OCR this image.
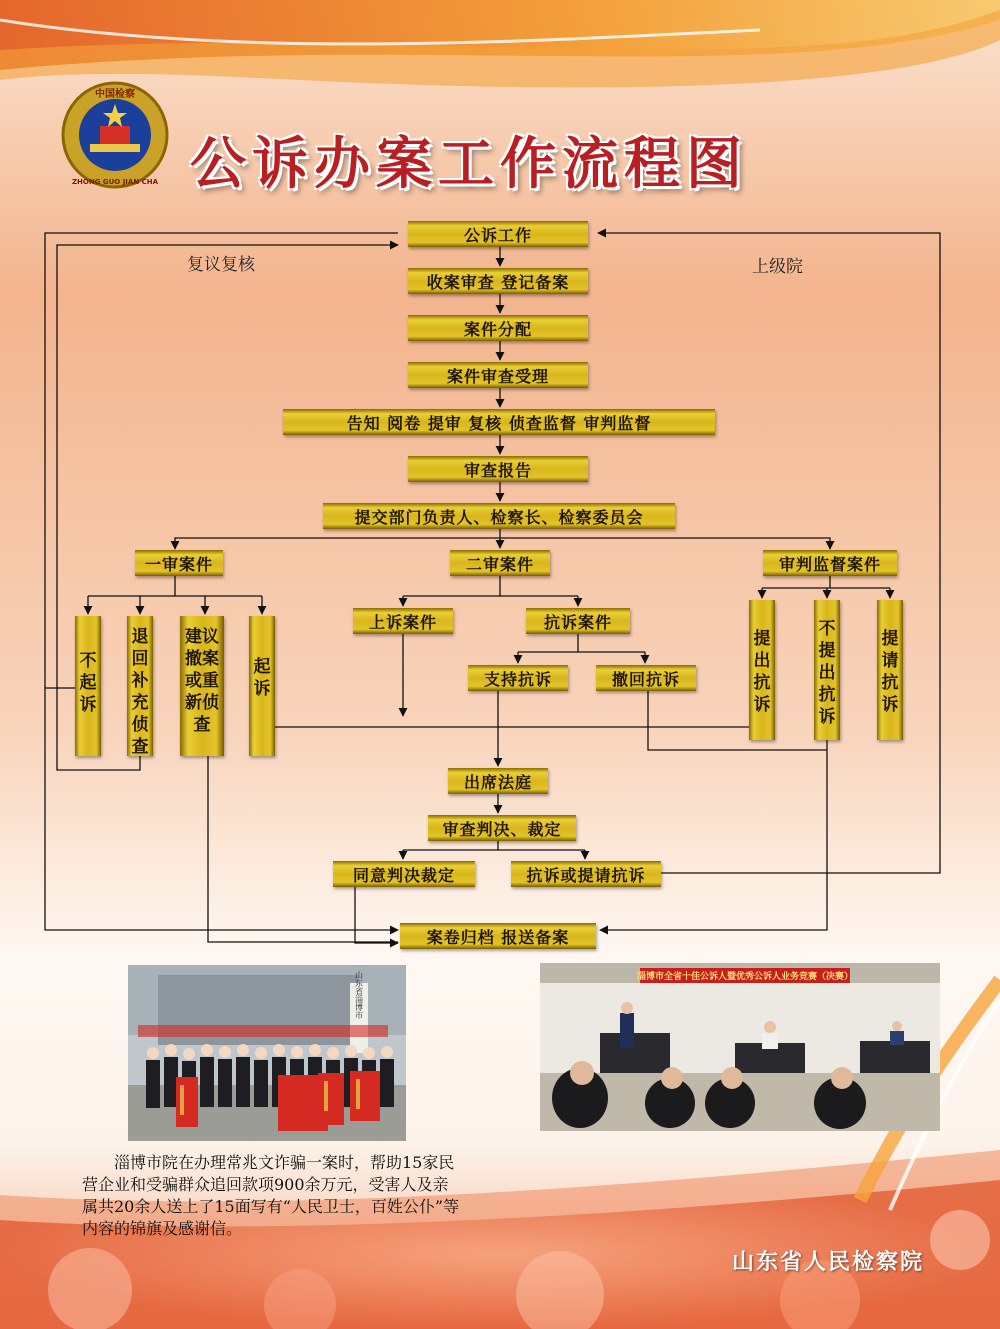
中国检察
ZHONG GUO JIAN CHA 公诉办案工作流程图
复议复核	上级院
公诉工作
收案审查 登记备案
案件分配
案件审查受理
告知 阅卷 提审 复核 侦查监督 审判监督
审查报告
提交部门负责人、检察长、检察委员会
一审案件	二审案件	审判监督案件
不起诉
退回补充侦查
建议撤案或重新侦查
起诉
上诉案件	抗诉案件
支持抗诉	撤回抗诉
提出抗诉
不提出抗诉
提请抗诉
出席法庭
审查判决、裁定
同意判决裁定	抗诉或提请抗诉
案卷归档 报送备案
山东省淄博市	淄博市全省十佳公诉人暨优秀公诉人业务竞赛（决赛）
淄博市院在办理常兆文诈骗一案时，帮助15家民营企业和受骗群众追回款项900余万元，受害人及亲属共20余人送上了15面写有“人民卫士，百姓公仆”等内容的锦旗及感谢信。
山东省人民检察院
